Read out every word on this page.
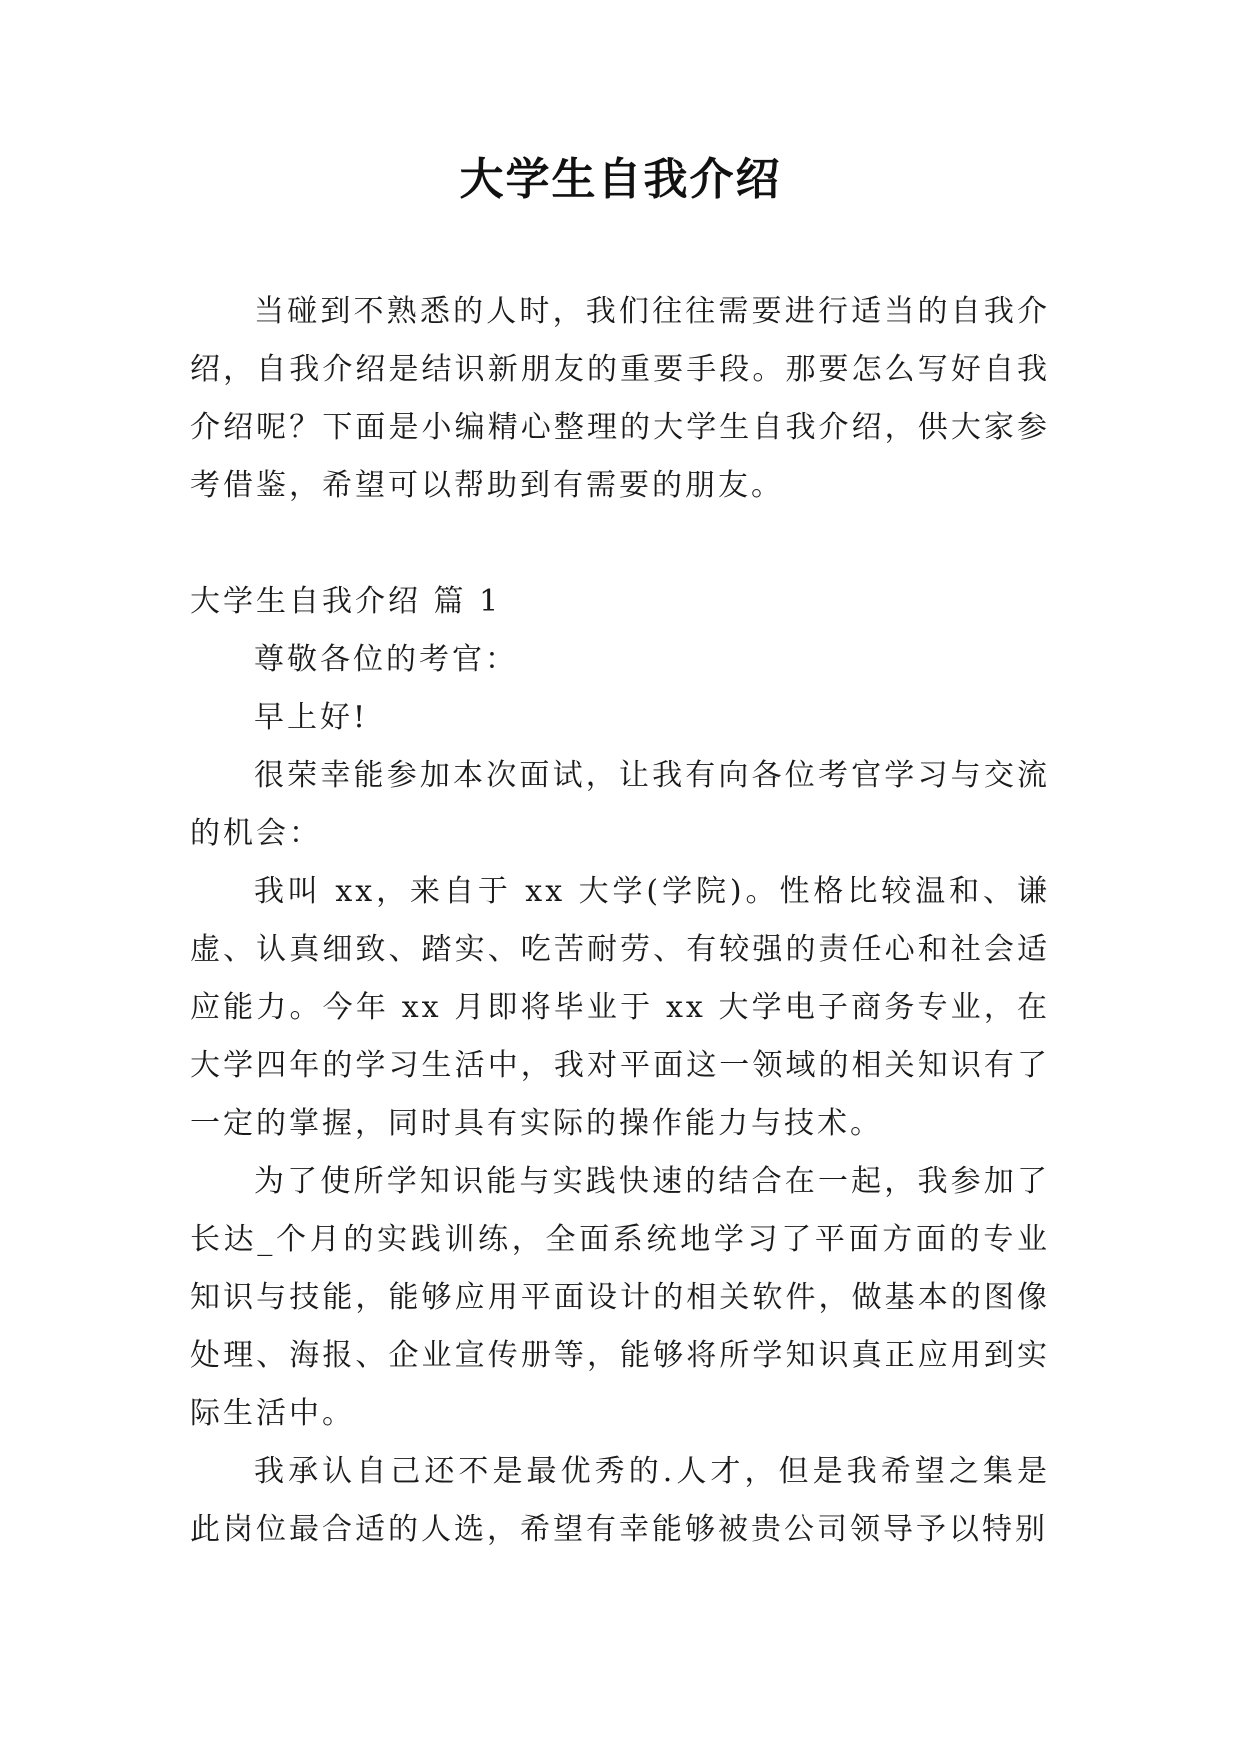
大学生自我介绍

当碰到不熟悉的人时，我们往往需要进行适当的自我介绍，自我介绍是结识新朋友的重要手段。那要怎么写好自我介绍呢？下面是小编精心整理的大学生自我介绍，供大家参考借鉴，希望可以帮助到有需要的朋友。

大学生自我介绍 篇 1

尊敬各位的考官：

早上好!

很荣幸能参加本次面试，让我有向各位考官学习与交流的机会：

我叫 xx，来自于 xx 大学(学院)。性格比较温和、谦虚、认真细致、踏实、吃苦耐劳、有较强的责任心和社会适应能力。今年 xx 月即将毕业于 xx 大学电子商务专业，在大学四年的学习生活中，我对平面这一领域的相关知识有了一定的掌握，同时具有实际的操作能力与技术。

为了使所学知识能与实践快速的结合在一起，我参加了长达_个月的实践训练，全面系统地学习了平面方面的专业知识与技能，能够应用平面设计的相关软件，做基本的图像处理、海报、企业宣传册等，能够将所学知识真正应用到实际生活中。

我承认自己还不是最优秀的.人才，但是我希望之集是此岗位最合适的人选，希望有幸能够被贵公司领导予以特别
